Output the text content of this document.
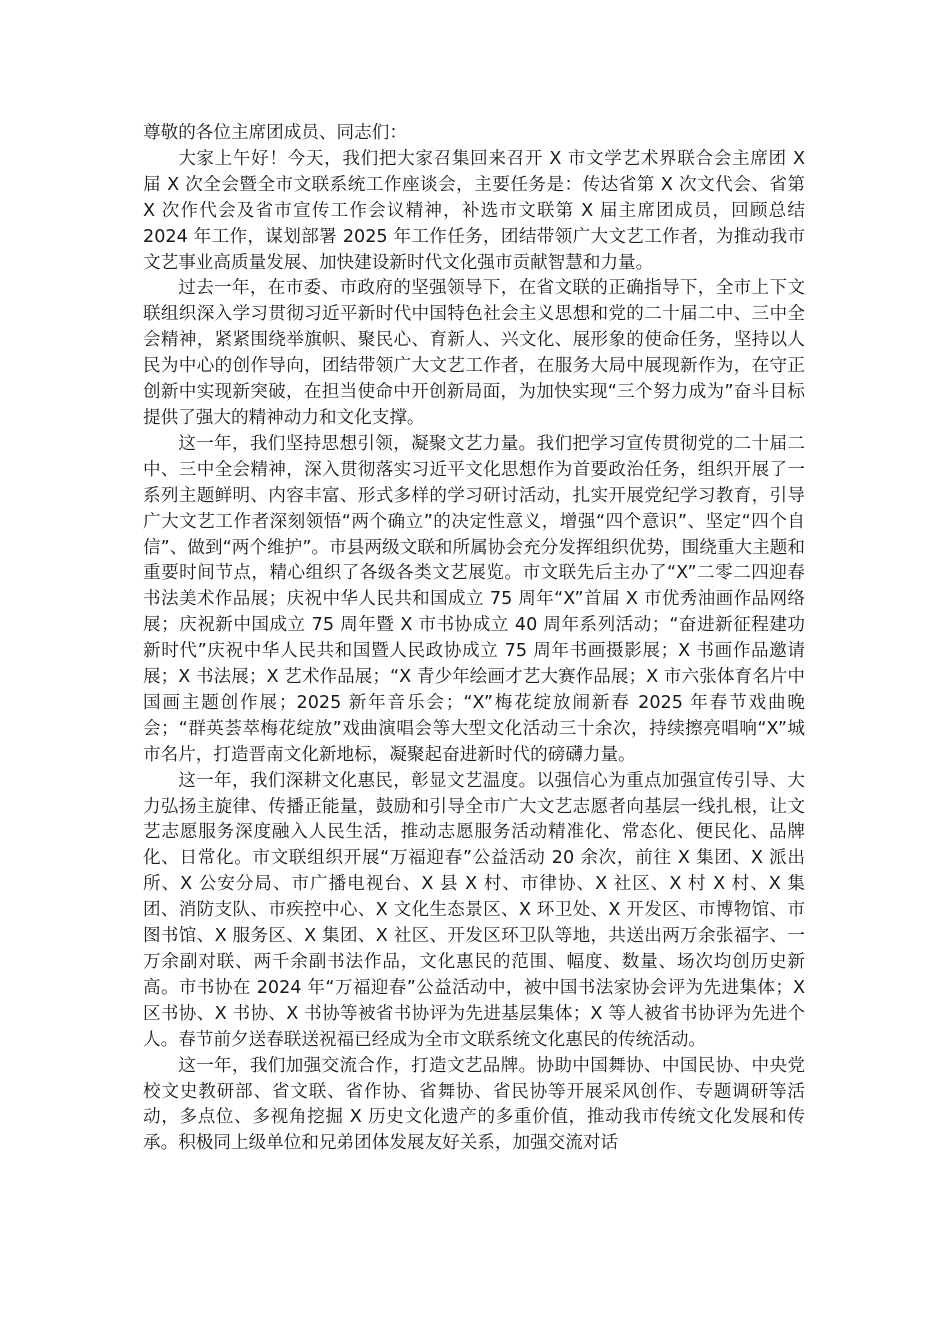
尊敬的各位主席团成员、同志们：

大家上午好！今天，我们把大家召集回来召开 X 市文学艺术界联合会主席团 X 届 X 次全会暨全市文联系统工作座谈会，主要任务是：传达省第 X 次文代会、省第 X 次作代会及省市宣传工作会议精神，补选市文联第 X 届主席团成员，回顾总结 2024 年工作，谋划部署 2025 年工作任务，团结带领广大文艺工作者，为推动我市文艺事业高质量发展、加快建设新时代文化强市贡献智慧和力量。

过去一年，在市委、市政府的坚强领导下，在省文联的正确指导下，全市上下文联组织深入学习贯彻习近平新时代中国特色社会主义思想和党的二十届二中、三中全会精神，紧紧围绕举旗帜、聚民心、育新人、兴文化、展形象的使命任务，坚持以人民为中心的创作导向，团结带领广大文艺工作者，在服务大局中展现新作为，在守正创新中实现新突破，在担当使命中开创新局面，为加快实现“三个努力成为”奋斗目标提供了强大的精神动力和文化支撑。

这一年，我们坚持思想引领，凝聚文艺力量。我们把学习宣传贯彻党的二十届二中、三中全会精神，深入贯彻落实习近平文化思想作为首要政治任务，组织开展了一系列主题鲜明、内容丰富、形式多样的学习研讨活动，扎实开展党纪学习教育，引导广大文艺工作者深刻领悟“两个确立”的决定性意义，增强“四个意识”、坚定“四个自信”、做到“两个维护”。市县两级文联和所属协会充分发挥组织优势，围绕重大主题和重要时间节点，精心组织了各级各类文艺展览。市文联先后主办了“X”二零二四迎春书法美术作品展；庆祝中华人民共和国成立 75 周年“X”首届 X 市优秀油画作品网络展；庆祝新中国成立 75 周年暨 X 市书协成立 40 周年系列活动；“奋进新征程建功新时代”庆祝中华人民共和国暨人民政协成立 75 周年书画摄影展；X 书画作品邀请展；X 书法展；X 艺术作品展；“X 青少年绘画才艺大赛作品展；X 市六张体育名片中国画主题创作展；2025 新年音乐会；“X”梅花绽放闹新春 2025 年春节戏曲晚会；“群英荟萃梅花绽放”戏曲演唱会等大型文化活动三十余次，持续擦亮唱响“X”城市名片，打造晋南文化新地标，凝聚起奋进新时代的磅礴力量。

这一年，我们深耕文化惠民，彰显文艺温度。以强信心为重点加强宣传引导、大力弘扬主旋律、传播正能量，鼓励和引导全市广大文艺志愿者向基层一线扎根，让文艺志愿服务深度融入人民生活，推动志愿服务活动精准化、常态化、便民化、品牌化、日常化。市文联组织开展“万福迎春”公益活动 20 余次，前往 X 集团、X 派出所、X 公安分局、市广播电视台、X 县 X 村、市律协、X 社区、X 村 X 村、X 集团、消防支队、市疾控中心、X 文化生态景区、X 环卫处、X 开发区、市博物馆、市图书馆、X 服务区、X 集团、X 社区、开发区环卫队等地，共送出两万余张福字、一万余副对联、两千余副书法作品，文化惠民的范围、幅度、数量、场次均创历史新高。市书协在 2024 年“万福迎春”公益活动中，被中国书法家协会评为先进集体；X 区书协、X 书协、X 书协等被省书协评为先进基层集体；X 等人被省书协评为先进个人。春节前夕送春联送祝福已经成为全市文联系统文化惠民的传统活动。

这一年，我们加强交流合作，打造文艺品牌。协助中国舞协、中国民协、中央党校文史教研部、省文联、省作协、省舞协、省民协等开展采风创作、专题调研等活动，多点位、多视角挖掘 X 历史文化遗产的多重价值，推动我市传统文化发展和传承。积极同上级单位和兄弟团体发展友好关系，加强交流对话
